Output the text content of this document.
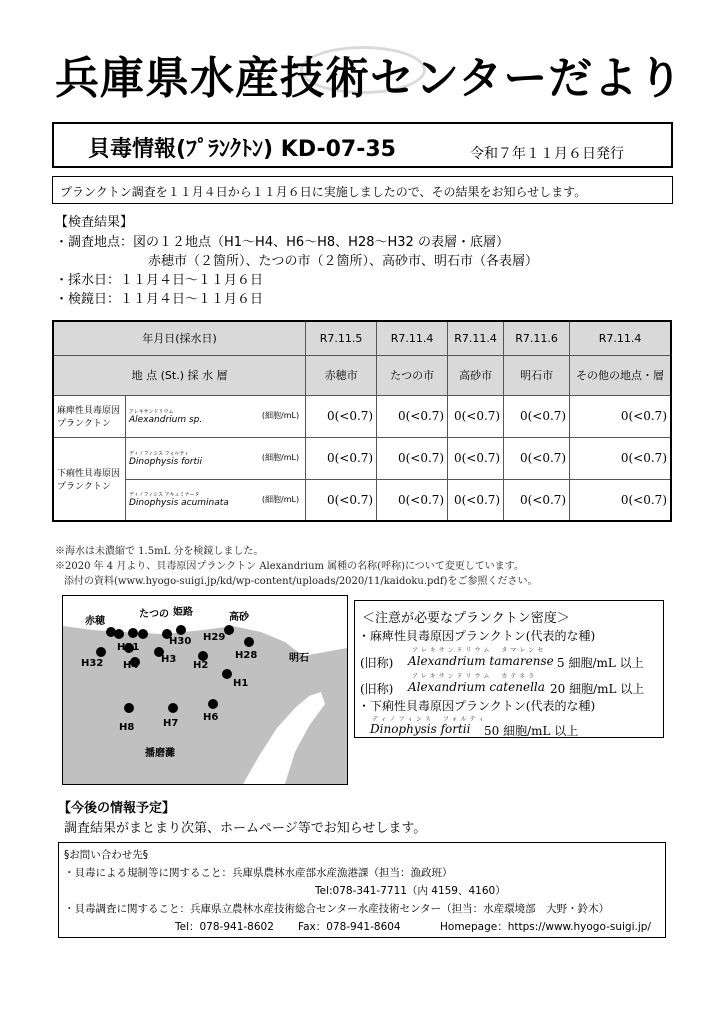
兵庫県水産技術センターだより
貝毒情報(ﾌﾟﾗﾝｸﾄﾝ) KD-07-35	令和７年１１月６日発行
プランクトン調査を１１月４日から１１月６日に実施しましたので、その結果をお知らせします。
【検査結果】
・調査地点：図の１２地点（H1〜H4、H6〜H8、H28〜H32 の表層・底層）
赤穂市（２箇所）、たつの市（２箇所）、高砂市、明石市（各表層）
・採水日：１１月４日〜１１月６日
・検鏡日：１１月４日〜１１月６日
年月日(採水日)		R7.11.5	R7.11.4	R7.11.4	R7.11.6	R7.11.4
地 点 (St.) 採 水 層		赤穂市	たつの市	高砂市	明石市	その他の地点・層
麻痺性貝毒原因プランクトン	アレキサンドリウム
Alexandrium sp. (細胞/mL)	0(<0.7)	0(<0.7)	0(<0.7)	0(<0.7)	0(<0.7)
下痢性貝毒原因プランクトン	ディノフィシス フォルティ
Dinophysis fortii (細胞/mL)	0(<0.7)	0(<0.7)	0(<0.7)	0(<0.7)	0(<0.7)

	ディノフィシス アキュミナータ
Dinophysis acuminata (細胞/mL)	0(<0.7)	0(<0.7)	0(<0.7)	0(<0.7)	0(<0.7)
※海水は未濃縮で 1.5mL 分を検鏡しました。
※2020 年 4 月より、貝毒原因プランクトン Alexandrium 属種の名称(呼称)について変更しています。
添付の資料(www.hyogo-suigi.jp/kd/wp-content/uploads/2020/11/kaidoku.pdf)をご参照ください。
赤穂
たつの 姫路	高砂
明石
播磨灘
H1
H2
H3
H4
H6
H7
H8
H28
H29
H30
H31
H32
＜注意が必要なプランクトン密度＞
・麻痺性貝毒原因プランクトン(代表的な種)
アレキサンドリウム　タマレンセ
(旧称) Alexandrium tamarense 5 細胞/mL 以上
アレキサンドリウム　カテネラ
(旧称) Alexandrium catenella 20 細胞/mL 以上
・下痢性貝毒原因プランクトン(代表的な種)
ディノフィシス　フォルティ
Dinophysis fortii 50 細胞/mL 以上
【今後の情報予定】
調査結果がまとまり次第、ホームページ等でお知らせします。
§お問い合わせ先§
・貝毒による規制等に関すること：兵庫県農林水産部水産漁港課（担当：漁政班）
Tel:078-341-7711（内 4159、4160）
・貝毒調査に関すること：兵庫県立農林水産技術総合センター水産技術センター（担当：水産環境部　大野・鈴木）
Tel：078-941-8602 Fax：078-941-8604	Homepage：https://www.hyogo-suigi.jp/
